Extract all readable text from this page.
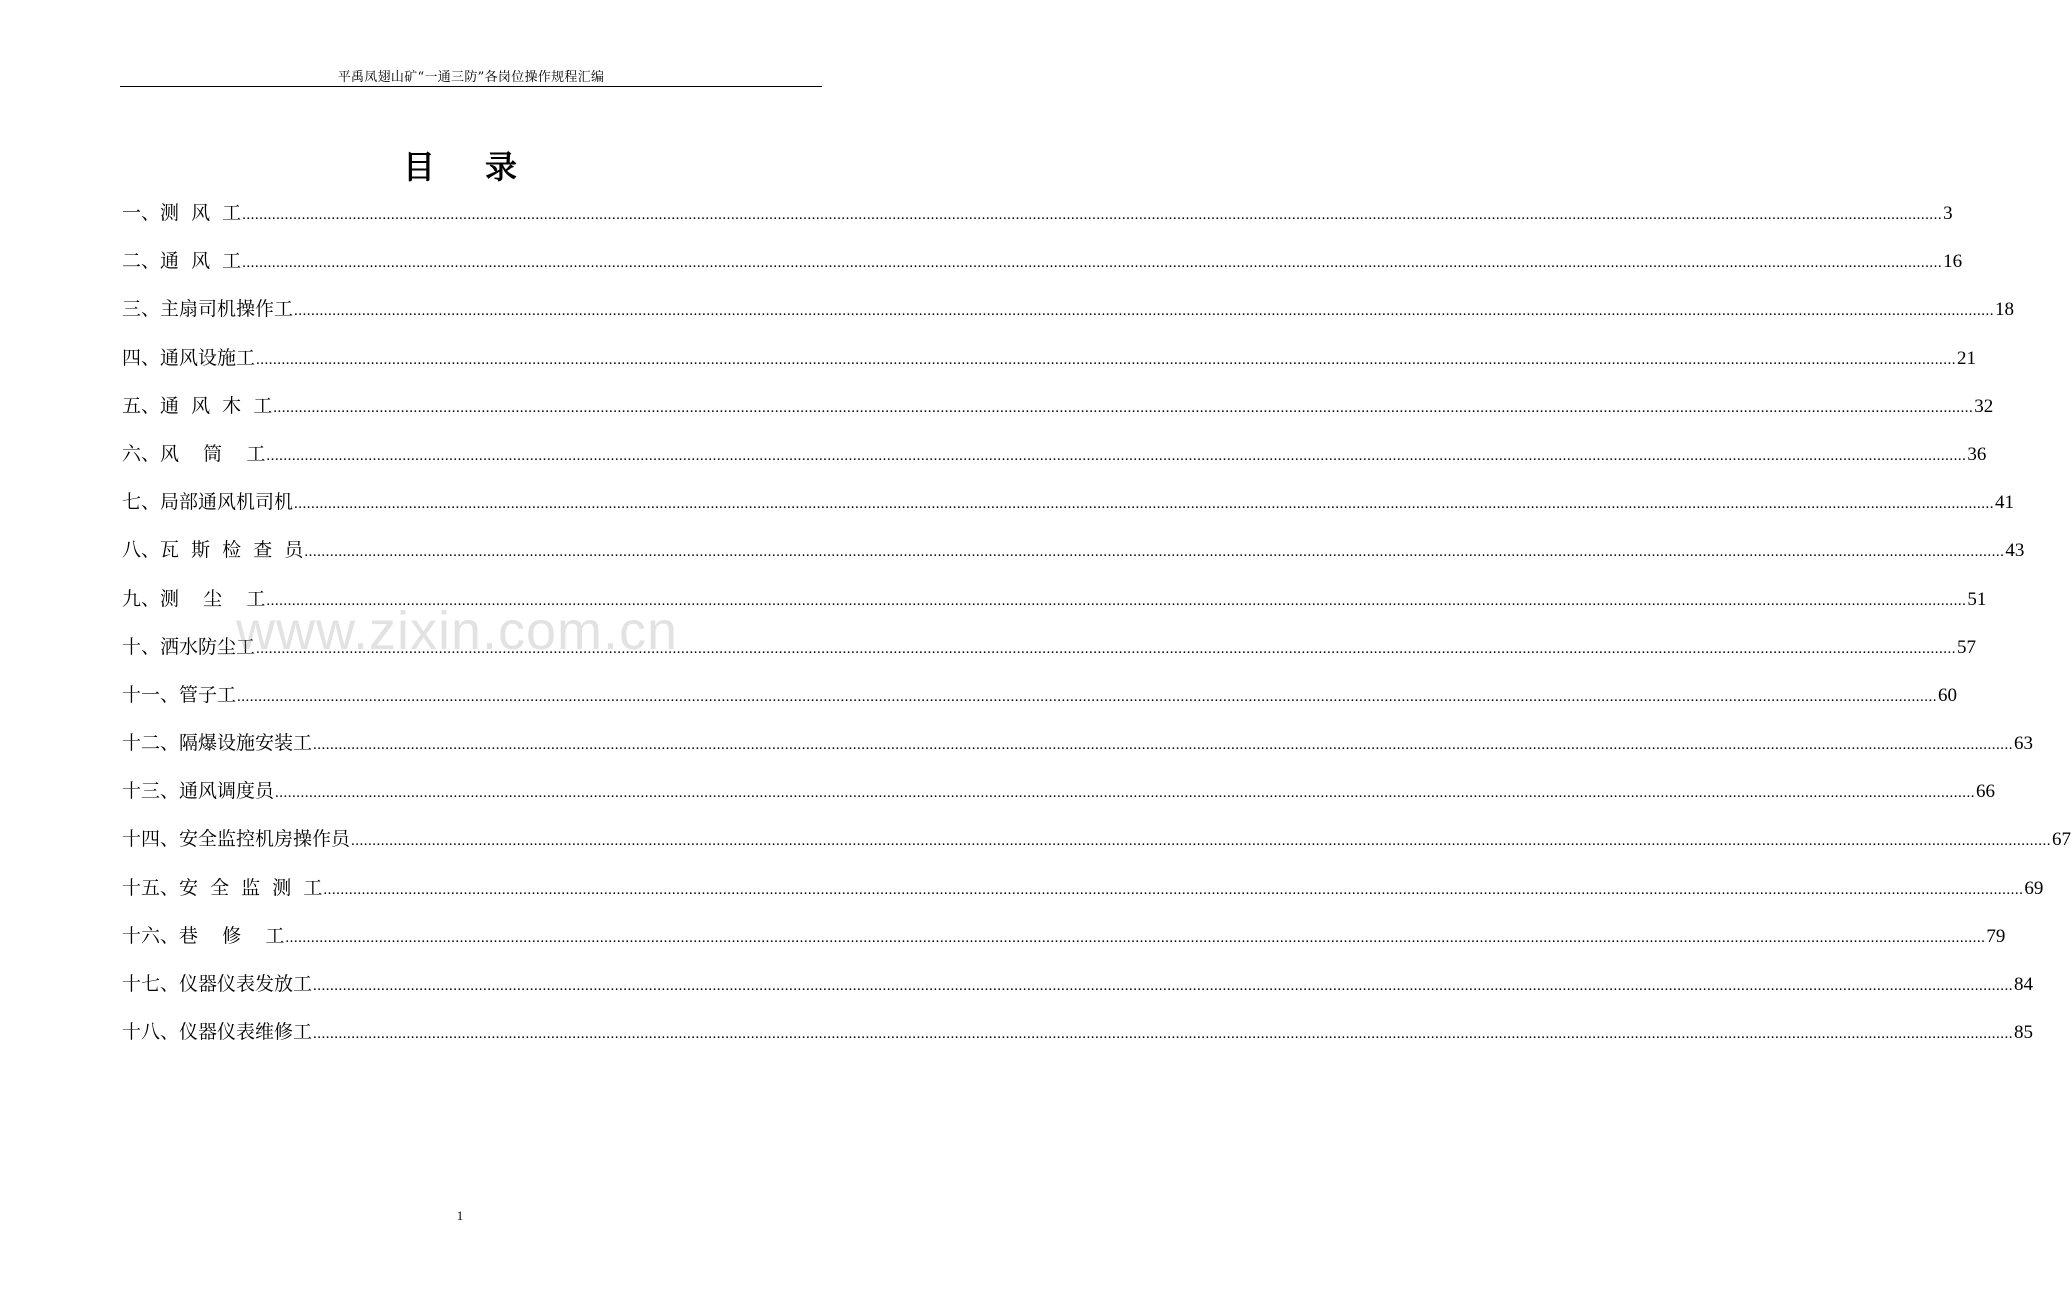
平禹凤翅山矿“一通三防”各岗位操作规程汇编
目录
一、测  风  工 ................................................................................................................................................................................................................................................................................................................................................................................................................ 3
二、通  风  工 ................................................................................................................................................................................................................................................................................................................................................................................................................ 16
三、主扇司机操作工 ................................................................................................................................................................................................................................................................................................................................................................................................................ 18
四、通风设施工 ................................................................................................................................................................................................................................................................................................................................................................................................................ 21
五、通  风  木  工 ................................................................................................................................................................................................................................................................................................................................................................................................................ 32
六、风    筒    工 ................................................................................................................................................................................................................................................................................................................................................................................................................ 36
七、局部通风机司机 ................................................................................................................................................................................................................................................................................................................................................................................................................ 41
八、瓦  斯  检  查  员 ................................................................................................................................................................................................................................................................................................................................................................................................................ 43
九、测    尘    工 ................................................................................................................................................................................................................................................................................................................................................................................................................ 51
十、洒水防尘工 ................................................................................................................................................................................................................................................................................................................................................................................................................ 57
十一、管子工 ................................................................................................................................................................................................................................................................................................................................................................................................................ 60
十二、隔爆设施安装工 ................................................................................................................................................................................................................................................................................................................................................................................................................ 63
十三、通风调度员 ................................................................................................................................................................................................................................................................................................................................................................................................................ 66
十四、安全监控机房操作员 ................................................................................................................................................................................................................................................................................................................................................................................................................ 67
十五、安  全  监  测  工 ................................................................................................................................................................................................................................................................................................................................................................................................................ 69
十六、巷    修    工 ................................................................................................................................................................................................................................................................................................................................................................................................................ 79
十七、仪器仪表发放工 ................................................................................................................................................................................................................................................................................................................................................................................................................ 84
十八、仪器仪表维修工 ................................................................................................................................................................................................................................................................................................................................................................................................................ 85
www.zixin.com.cn
1
